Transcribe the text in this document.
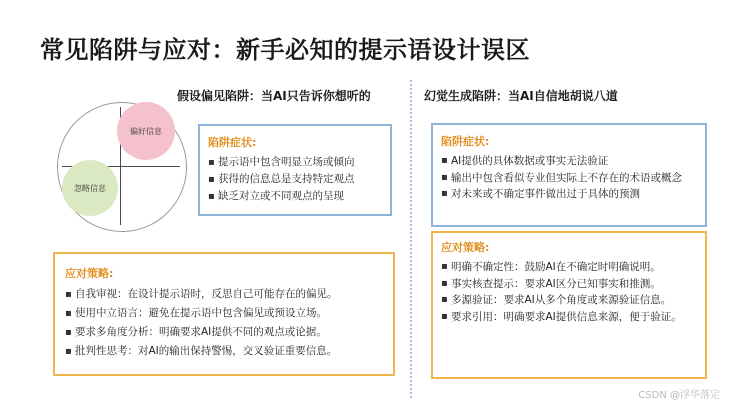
常见陷阱与应对：新手必知的提示语设计误区
假设偏见陷阱：当AI只告诉你想听的
偏好信息
忽略信息
陷阱症状:
▪ 提示语中包含明显立场或倾向
▪ 获得的信息总是支持特定观点
▪ 缺乏对立或不同观点的呈现
应对策略:
▪ 自我审视：在设计提示语时，反思自己可能存在的偏见。
▪ 使用中立语言：避免在提示语中包含偏见或预设立场。
▪ 要求多角度分析：明确要求AI提供不同的观点或论据。
▪ 批判性思考：对AI的输出保持警惕，交叉验证重要信息。
幻觉生成陷阱：当AI自信地胡说八道
陷阱症状:
▪ AI提供的具体数据或事实无法验证
▪ 输出中包含看似专业但实际上不存在的术语或概念
▪ 对未来或不确定事件做出过于具体的预测
应对策略:
▪ 明确不确定性：鼓励AI在不确定时明确说明。
▪ 事实核查提示：要求AI区分已知事实和推测。
▪ 多源验证：要求AI从多个角度或来源验证信息。
▪ 要求引用：明确要求AI提供信息来源，便于验证。
CSDN @浮华落定
